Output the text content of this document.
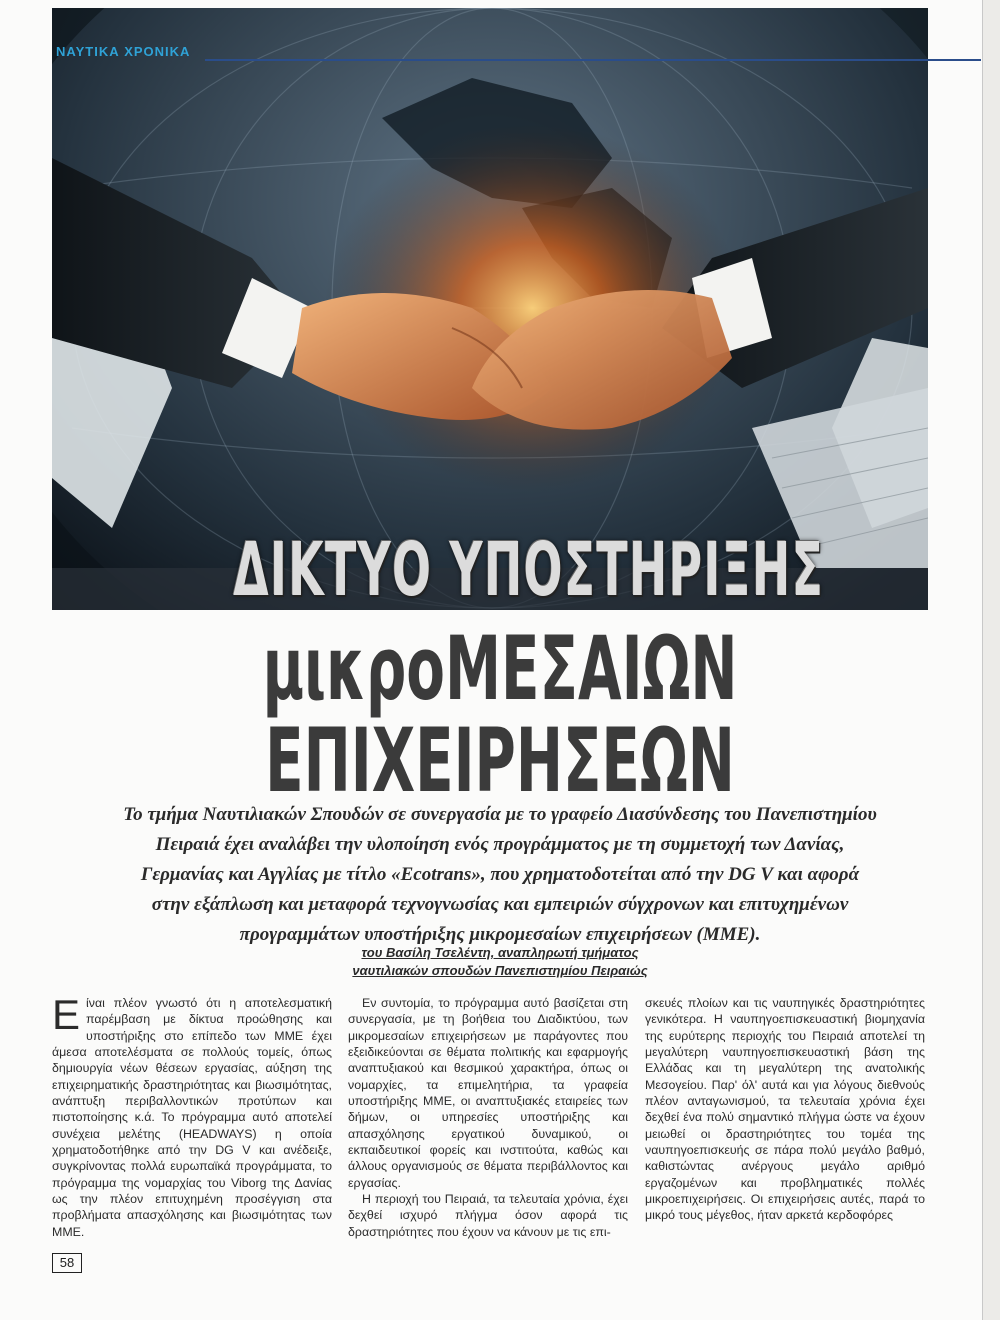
ΔΙΚΤΥΟ ΥΠΟΣΤΗΡΙΞΗΣ
ΝΑΥΤΙΚΑ ΧΡΟΝΙΚΑ
μικροΜΕΣΑΙΩΝ
ΕΠΙΧΕΙΡΗΣΕΩΝ
Το τμήμα Ναυτιλιακών Σπουδών σε συνεργασία με το γραφείο Διασύνδεσης του Πανεπιστημίου Πειραιά έχει αναλάβει την υλοποίηση ενός προγράμματος με τη συμμετοχή των Δανίας, Γερμανίας και Αγγλίας με τίτλο «Ecotrans», που χρηματοδοτείται από την DG V και αφορά στην εξάπλωση και μεταφορά τεχνογνωσίας και εμπειριών σύγχρονων και επιτυχημένων προγραμμάτων υποστήριξης μικρομεσαίων επιχειρήσεων (ΜΜΕ).
του Βασίλη Τσελέντη, αναπληρωτή τμήματος
ναυτιλιακών σπουδών Πανεπιστημίου Πειραιώς
Ε ίναι πλέον γνωστό ότι η αποτελεσματική παρέμβαση με δίκτυα προώθησης και υποστήριξης στο επίπεδο των ΜΜΕ έχει άμεσα αποτελέσματα σε πολλούς τομείς, όπως δημιουργία νέων θέσεων εργασίας, αύξηση της επιχειρηματικής δραστηριότητας και βιωσιμότητας, ανάπτυξη περιβαλλοντικών προτύπων και πιστοποίησης κ.ά. Το πρόγραμμα αυτό αποτελεί συνέχεια μελέτης (HEADWAYS) η οποία χρηματοδοτήθηκε από την DG V και ανέδειξε, συγκρίνοντας πολλά ευρωπαϊκά προγράμματα, το πρόγραμμα της νομαρχίας του Viborg της Δανίας ως την πλέον επιτυχημένη προσέγγιση στα προβλήματα απασχόλησης και βιωσιμότητας των ΜΜΕ.

Εν συντομία, το πρόγραμμα αυτό βασίζεται στη συνεργασία, με τη βοήθεια του Διαδικτύου, των μικρομεσαίων επιχειρήσεων με παράγοντες που εξειδικεύονται σε θέματα πολιτικής και εφαρμογής αναπτυξιακού και θεσμικού χαρακτήρα, όπως οι νομαρχίες, τα επιμελητήρια, τα γραφεία υποστήριξης ΜΜΕ, οι αναπτυξιακές εταιρείες των δήμων, οι υπηρεσίες υποστήριξης και απασχόλησης εργατικού δυναμικού, οι εκπαιδευτικοί φορείς και ινστιτούτα, καθώς και άλλους οργανισμούς σε θέματα περιβάλλοντος και εργασίας.

Η περιοχή του Πειραιά, τα τελευταία χρόνια, έχει δεχθεί ισχυρό πλήγμα όσον αφορά τις δραστηριότητες που έχουν να κάνουν με τις επι-

σκευές πλοίων και τις ναυπηγικές δραστηριότητες γενικότερα. Η ναυπηγοεπισκευαστική βιομηχανία της ευρύτερης περιοχής του Πειραιά αποτελεί τη μεγαλύτερη ναυπηγοεπισκευαστική βάση της Ελλάδας και τη μεγαλύτερη της ανατολικής Μεσογείου. Παρ' όλ' αυτά και για λόγους διεθνούς πλέον ανταγωνισμού, τα τελευταία χρόνια έχει δεχθεί ένα πολύ σημαντικό πλήγμα ώστε να έχουν μειωθεί οι δραστηριότητες του τομέα της ναυπηγοεπισκευής σε πάρα πολύ μεγάλο βαθμό, καθιστώντας ανέργους μεγάλο αριθμό εργαζομένων και προβληματικές πολλές μικροεπιχειρήσεις. Οι επιχειρήσεις αυτές, παρά το μικρό τους μέγεθος, ήταν αρκετά κερδοφόρες

58
